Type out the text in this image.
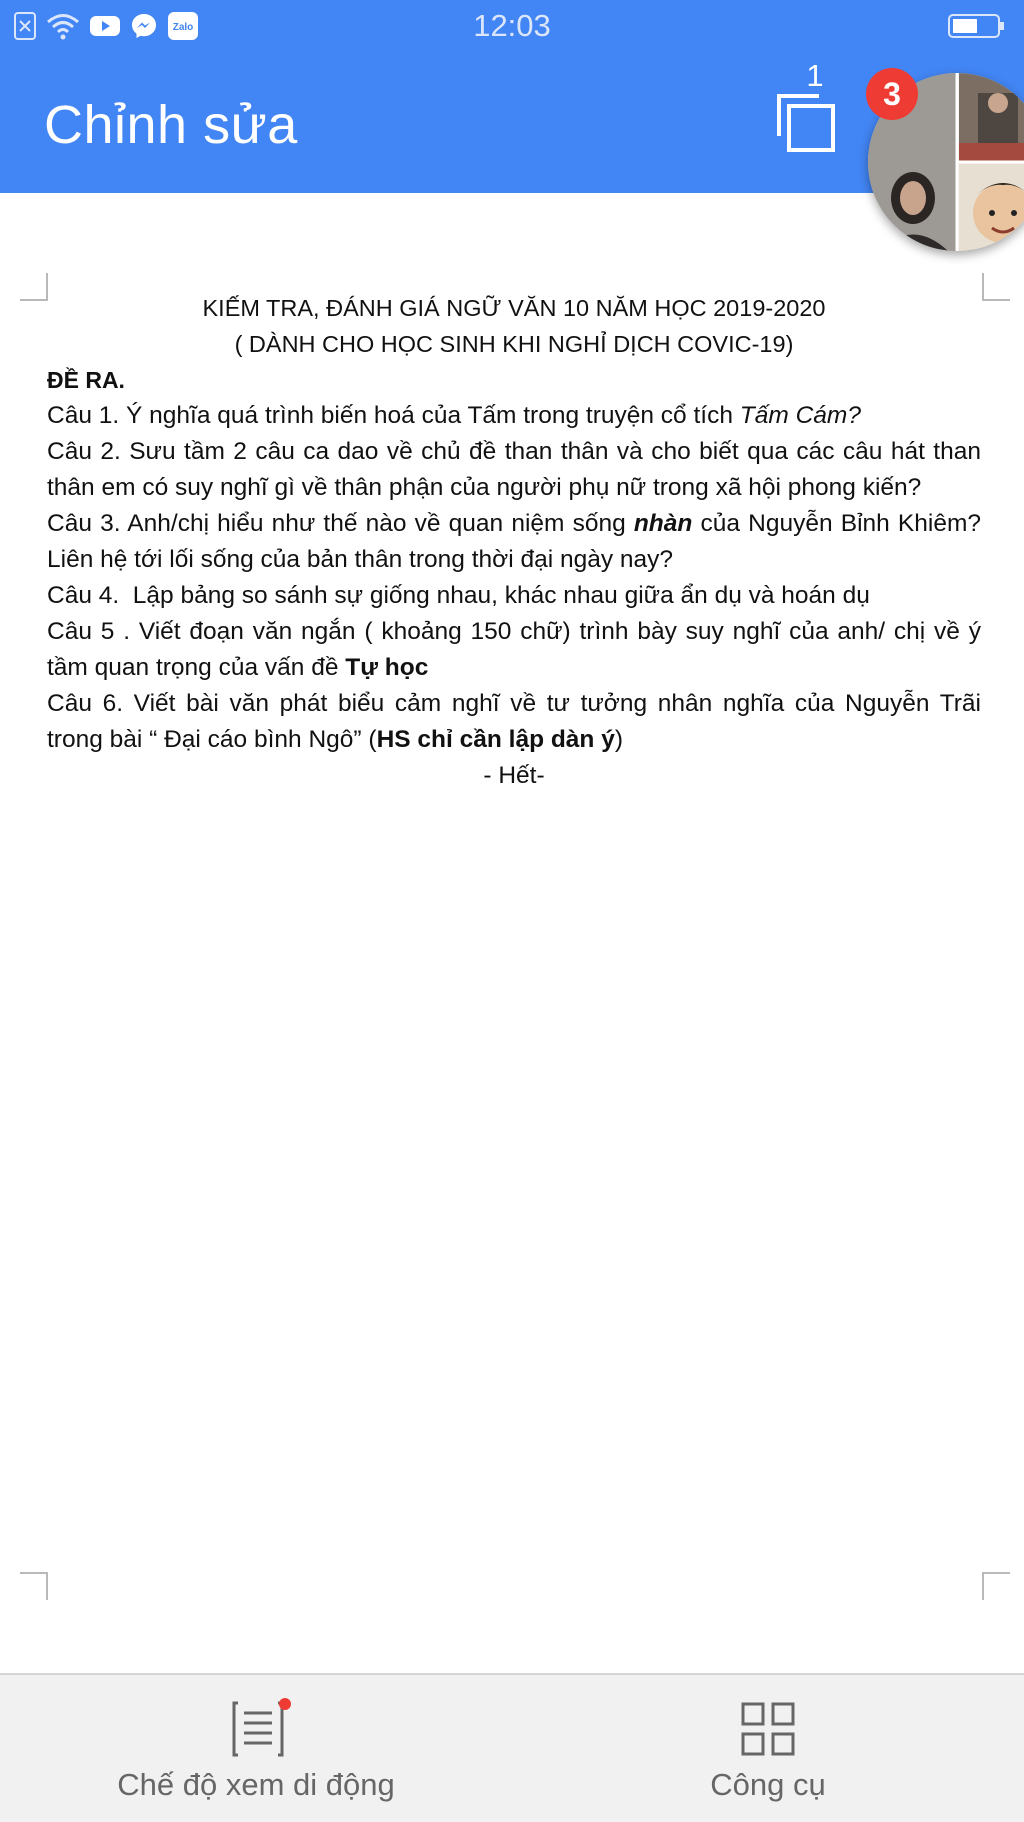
Zalo	12:03
Chỉnh sửa
1
3

KIẾM TRA, ĐÁNH GIÁ NGỮ VĂN 10 NĂM HỌC 2019-2020

( DÀNH CHO HỌC SINH KHI NGHỈ DỊCH COVIC-19)

ĐỀ RA.

Câu 1. Ý nghĩa quá trình biến hoá của Tấm trong truyện cổ tích Tấm Cám?

Câu 2. Sưu tầm 2 câu ca dao về chủ đề than thân và cho biết qua các câu hát than thân em có suy nghĩ gì về thân phận của người phụ nữ trong xã hội phong kiến?

Câu 3. Anh/chị hiểu như thế nào về quan niệm sống nhàn của Nguyễn Bỉnh Khiêm? Liên hệ tới lối sống của bản thân trong thời đại ngày nay?

Câu 4.  Lập bảng so sánh sự giống nhau, khác nhau giữa ẩn dụ và hoán dụ

Câu 5 . Viết đoạn văn ngắn ( khoảng 150 chữ) trình bày suy nghĩ của anh/ chị về ý tầm quan trọng của vấn đề Tự học

Câu 6. Viết bài văn phát biểu cảm nghĩ về tư tưởng nhân nghĩa của Nguyễn Trãi trong bài “ Đại cáo bình Ngô” (HS chỉ cần lập dàn ý)

- Hết-

Chế độ xem di động	Công cụ
